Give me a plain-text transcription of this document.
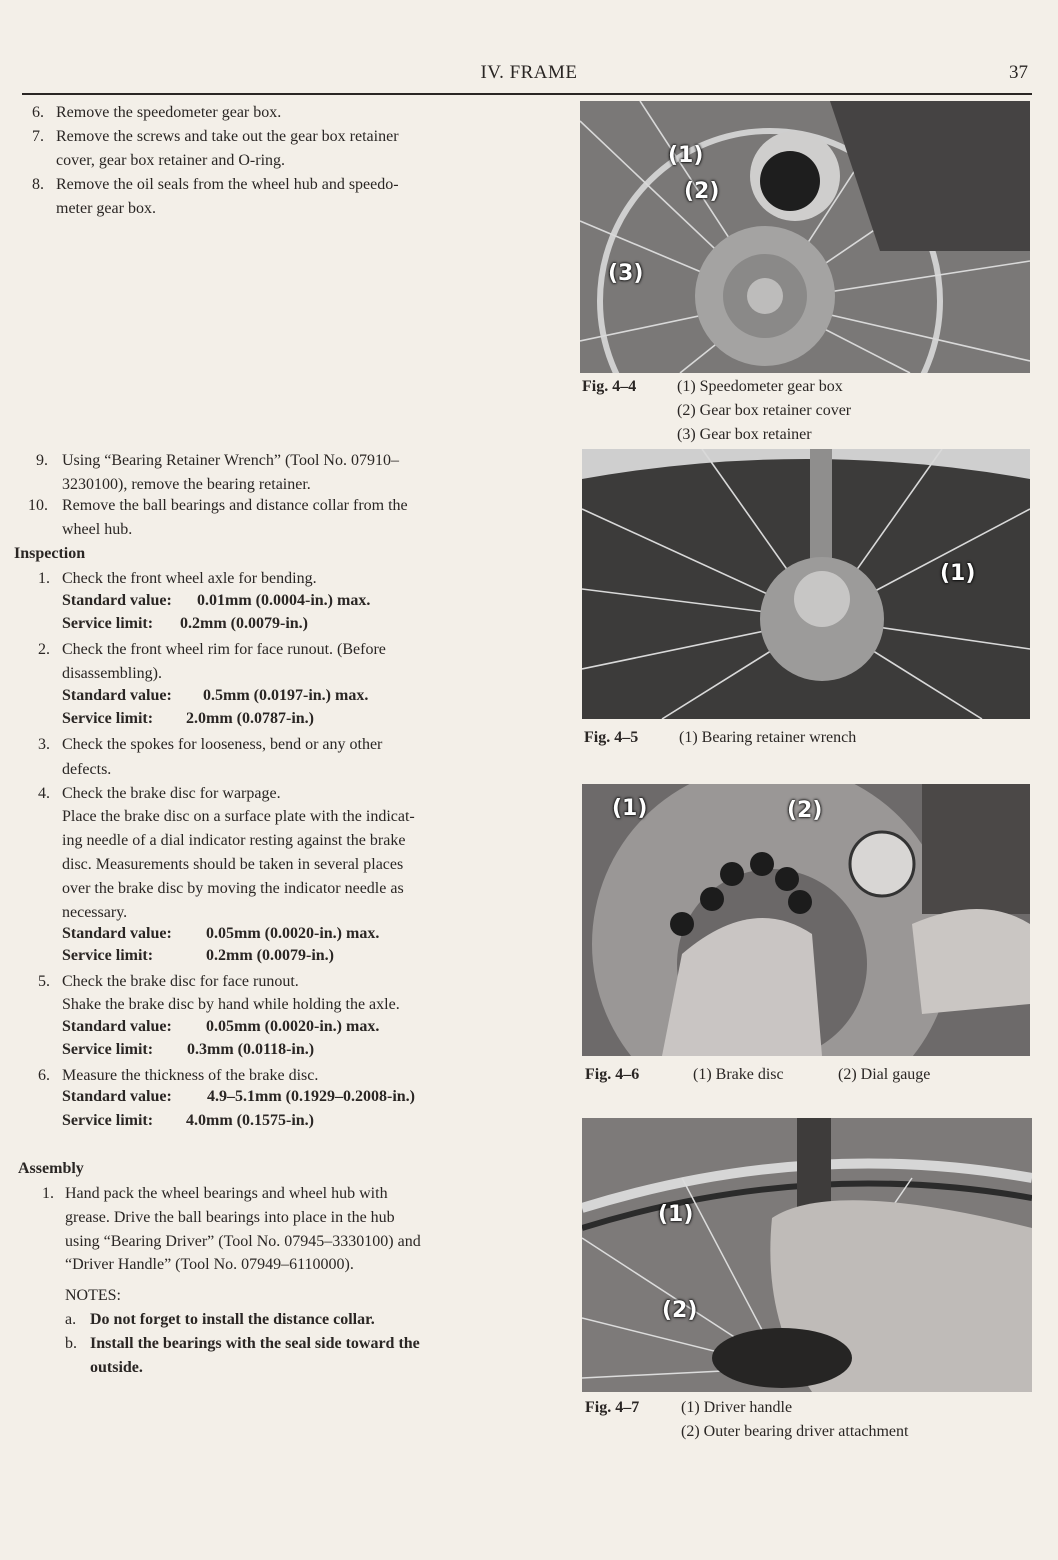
IV. FRAME	37
6. Remove the speedometer gear box.
7. Remove the screws and take out the gear box retainer
cover, gear box retainer and O-ring.
8. Remove the oil seals from the wheel hub and speedo-
meter gear box.
9. Using “Bearing Retainer Wrench” (Tool No. 07910–
3230100), remove the bearing retainer.
10. Remove the ball bearings and distance collar from the
wheel hub.
Inspection
1. Check the front wheel axle for bending.
Standard value: 0.01mm (0.0004-in.) max.
Service limit: 0.2mm (0.0079-in.)
2. Check the front wheel rim for face runout. (Before
disassembling).
Standard value: 0.5mm (0.0197-in.) max.
Service limit: 2.0mm (0.0787-in.)
3. Check the spokes for looseness, bend or any other
defects.
4. Check the brake disc for warpage.
Place the brake disc on a surface plate with the indicat-
ing needle of a dial indicator resting against the brake
disc. Measurements should be taken in several places
over the brake disc by moving the indicator needle as
necessary.
Standard value: 0.05mm (0.0020-in.) max.
Service limit:	0.2mm (0.0079-in.)
5. Check the brake disc for face runout.
Shake the brake disc by hand while holding the axle.
Standard value: 0.05mm (0.0020-in.) max.
Service limit: 0.3mm (0.0118-in.)
6. Measure the thickness of the brake disc.
Standard value: 4.9–5.1mm (0.1929–0.2008-in.)
Service limit: 4.0mm (0.1575-in.)
Assembly
1. Hand pack the wheel bearings and wheel hub with
grease. Drive the ball bearings into place in the hub
using “Bearing Driver” (Tool No. 07945–3330100) and
“Driver Handle” (Tool No. 07949–6110000).
NOTES:
a. Do not forget to install the distance collar.
b. Install the bearings with the seal side toward the
outside.
(1)
(2)
(3)
Fig. 4–4	(1) Speedometer gear box
(2) Gear box retainer cover
(3) Gear box retainer
(1)
Fig. 4–5	(1) Bearing retainer wrench
(1)	(2)
Fig. 4–6	(1) Brake disc	(2) Dial gauge
(1)
(2)
Fig. 4–7	(1) Driver handle
(2) Outer bearing driver attachment
